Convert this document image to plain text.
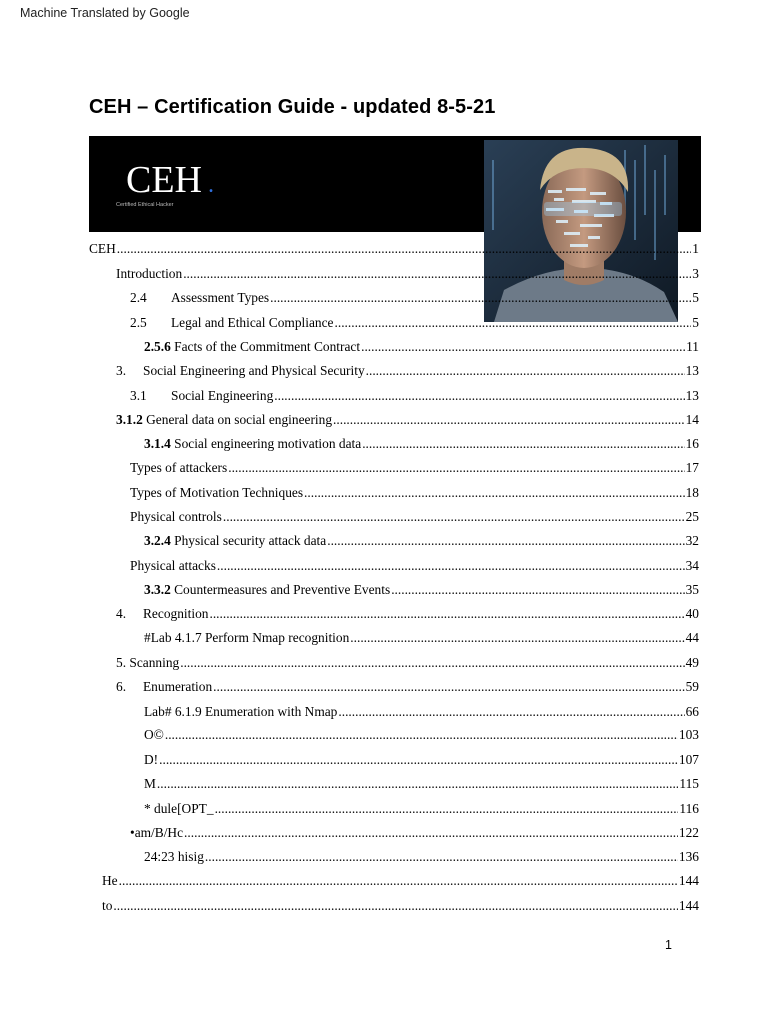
Machine Translated by Google
CEH – Certification Guide - updated 8-5-21
CEH .
Certified Ethical Hacker
CEH .....	1
Introduction .....	3
2.4	Assessment Types .....	5
2.5	Legal and Ethical Compliance .....	5
2.5.6 Facts of the Commitment Contract .....	11
3.	Social Engineering and Physical Security .....	13
3.1	Social Engineering .....	13
3.1.2 General data on social engineering .....	14
3.1.4 Social engineering motivation data .....	16
Types of attackers .....	17
Types of Motivation Techniques .....	18
Physical controls .....	25
3.2.4 Physical security attack data .....	32
Physical attacks .....	34
3.3.2 Countermeasures and Preventive Events .....	35
4.	Recognition .....	40
#Lab 4.1.7 Perform Nmap recognition .....	44
5. Scanning .....	49
6.	Enumeration .....	59
Lab# 6.1.9 Enumeration with Nmap .....	66
O© .....	103
D! .....	107
M .....	115
* dule[OPT_ .....	116
•am/B/Hc .....	122
24:23 hisig .....	136
He .....	144
to .....	144
1
